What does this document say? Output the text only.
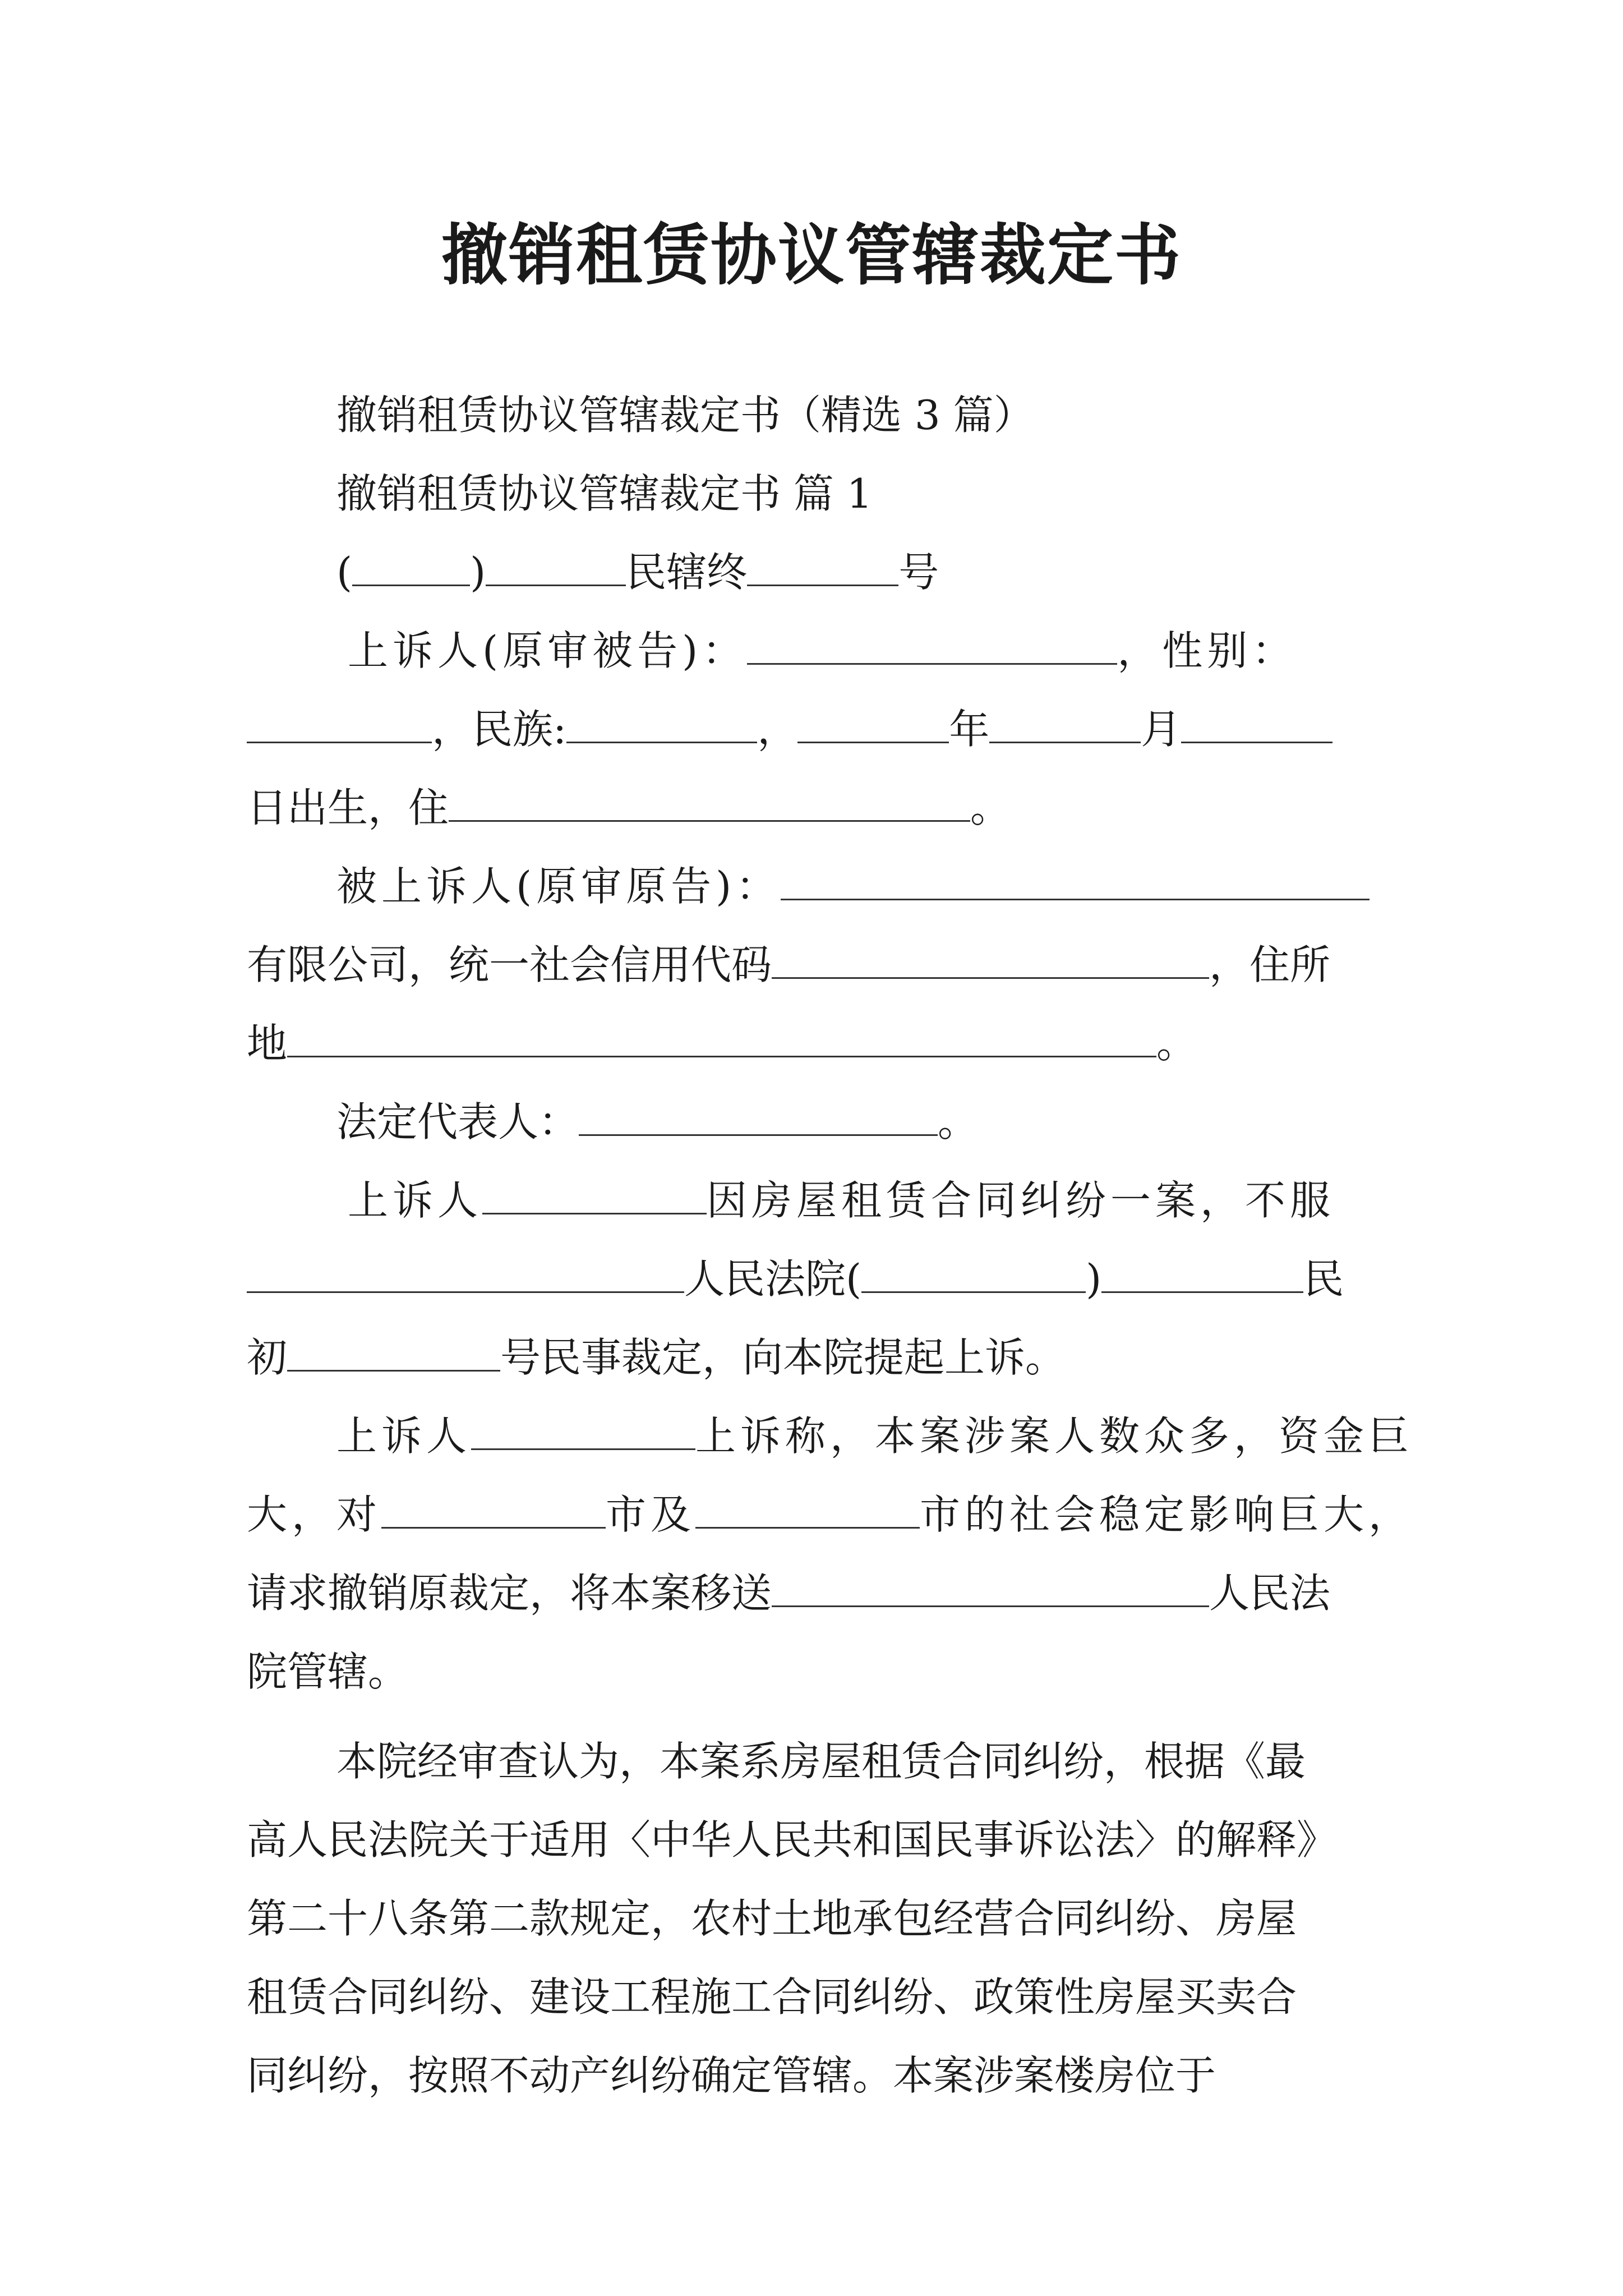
撤销租赁协议管辖裁定书
撤销租赁协议管辖裁定书（精选 3 篇）
撤销租赁协议管辖裁定书 篇 1
(	)	民辖终	号
上诉人(原审被告)：	，性别：
，民族:	，	年	月
日出生，住	。
被上诉人(原审原告)：
有限公司，统一社会信用代码	，住所
地	。
法定代表人：	。
上诉人	因房屋租赁合同纠纷一案，不服
人民法院(	)	民
初	号民事裁定，向本院提起上诉。
上诉人	上诉称，本案涉案人数众多，资金巨
大，对	市及	市的社会稳定影响巨大，
请求撤销原裁定，将本案移送	人民法
院管辖。
本院经审查认为，本案系房屋租赁合同纠纷，根据《最
高人民法院关于适用〈中华人民共和国民事诉讼法〉的解释》
第二十八条第二款规定，农村土地承包经营合同纠纷、房屋
租赁合同纠纷、建设工程施工合同纠纷、政策性房屋买卖合
同纠纷，按照不动产纠纷确定管辖。本案涉案楼房位于
